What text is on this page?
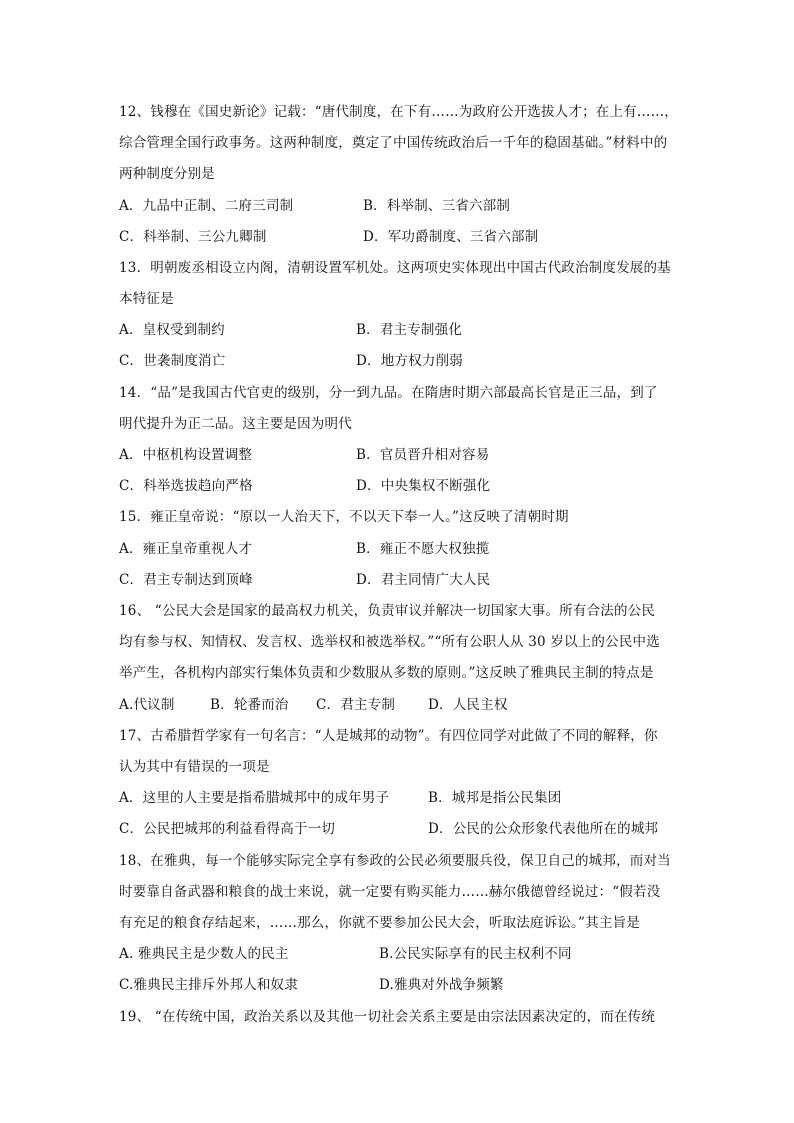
12、钱穆在《国史新论》记载：“唐代制度，在下有……为政府公开选拔人才；在上有……，
综合管理全国行政事务。这两种制度，奠定了中国传统政治后一千年的稳固基础。”材料中的
两种制度分别是
A．九品中正制、二府三司制	B．科举制、三省六部制
C．科举制、三公九卿制	D．军功爵制度、三省六部制
13．明朝废丞相设立内阁，清朝设置军机处。这两项史实体现出中国古代政治制度发展的基
本特征是
A．皇权受到制约	B．君主专制强化
C．世袭制度消亡	D．地方权力削弱
14．“品”是我国古代官吏的级别，分一到九品。在隋唐时期六部最高长官是正三品，到了
明代提升为正二品。这主要是因为明代
A．中枢机构设置调整	B．官员晋升相对容易
C．科举选拔趋向严格	D．中央集权不断强化
15．雍正皇帝说：“原以一人治天下，不以天下奉一人。”这反映了清朝时期
A．雍正皇帝重视人才	B．雍正不愿大权独揽
C．君主专制达到顶峰	D．君主同情广大人民
16、 “公民大会是国家的最高权力机关，负责审议并解决一切国家大事。所有合法的公民
均有参与权、知情权、发言权、选举权和被选举权。”“所有公职人从 30 岁以上的公民中选
举产生，各机构内部实行集体负责和少数服从多数的原则。”这反映了雅典民主制的特点是
A.代议制	B．轮番而治 C．君主专制 D．人民主权
17、古希腊哲学家有一句名言：“人是城邦的动物”。有四位同学对此做了不同的解释，你
认为其中有错误的一项是
A．这里的人主要是指希腊城邦中的成年男子	B．城邦是指公民集团
C．公民把城邦的利益看得高于一切	D．公民的公众形象代表他所在的城邦
18、在雅典，每一个能够实际完全享有参政的公民必须要服兵役，保卫自己的城邦，而对当
时要靠自备武器和粮食的战士来说，就一定要有购买能力……赫尔俄德曾经说过：“假若没
有充足的粮食存结起来，……那么，你就不要参加公民大会，听取法庭诉讼。”其主旨是
A. 雅典民主是少数人的民主	B.公民实际享有的民主权利不同
C.雅典民主排斥外邦人和奴隶	D.雅典对外战争频繁
19、 “在传统中国，政治关系以及其他一切社会关系主要是由宗法因素决定的，而在传统
